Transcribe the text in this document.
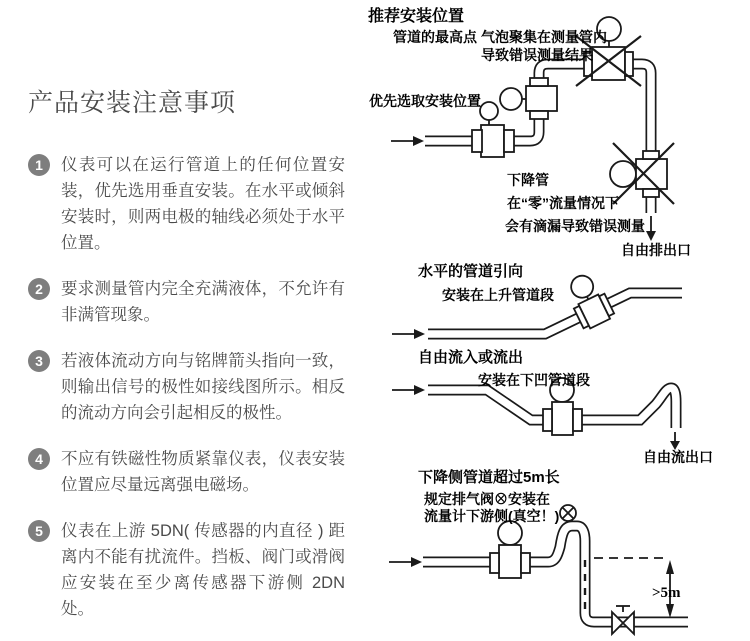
产品安装注意事项
1	仪表可以在运行管道上的任何位置安装，优先选用垂直安装。在水平或倾斜安装时，则两电极的轴线必须处于水平位置。

2	要求测量管内完全充满液体，不允许有非满管现象。

3	若液体流动方向与铭牌箭头指向一致，则输出信号的极性如接线图所示。相反的流动方向会引起相反的极性。

4	不应有铁磁性物质紧靠仪表，仪表安装位置应尽量远离强电磁场。

5	仪表在上游 5DN( 传感器的内直径 ) 距离内不能有扰流件。挡板、阀门或滑阀应安装在至少离传感器下游侧 2DN 处。

推荐安装位置
管道的最高点 气泡聚集在测量管内
导致错误测量结果
优先选取安装位置
下降管
在“零”流量情况下
会有滴漏导致错误测量
自由排出口
水平的管道引向
安装在上升管道段
自由流入或流出
安装在下凹管道段
自由流出口
下降侧管道超过5m长
规定排气阀⊗安装在
流量计下游侧(真空！)
>5m
